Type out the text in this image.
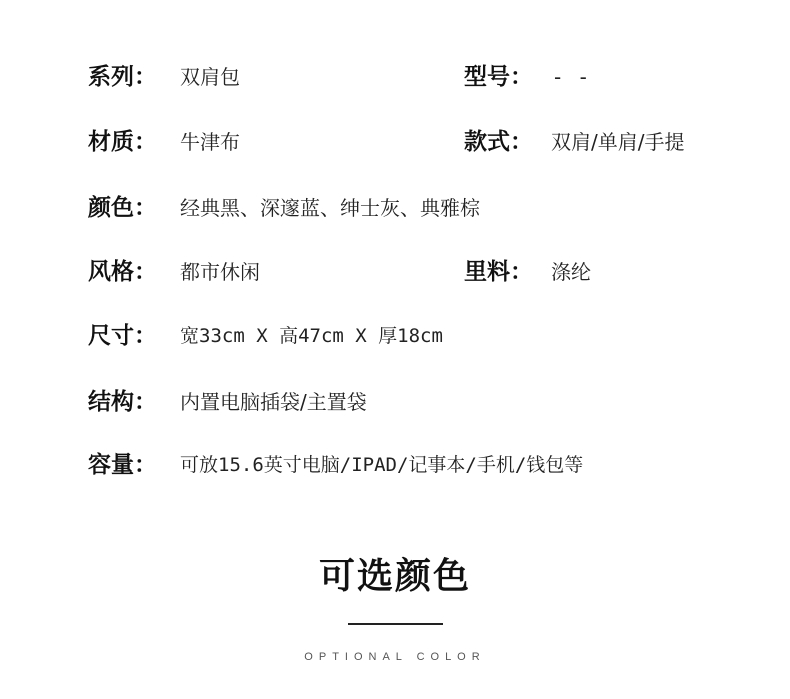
系列： 双肩包	型号： - -
材质： 牛津布	款式： 双肩/单肩/手提
颜色： 经典黑、深邃蓝、绅士灰、典雅棕
风格： 都市休闲	里料： 涤纶
尺寸： 宽33cm X 高47cm X 厚18cm
结构： 内置电脑插袋/主置袋
容量： 可放15.6英寸电脑/IPAD/记事本/手机/钱包等
可选颜色
OPTIONAL COLOR
